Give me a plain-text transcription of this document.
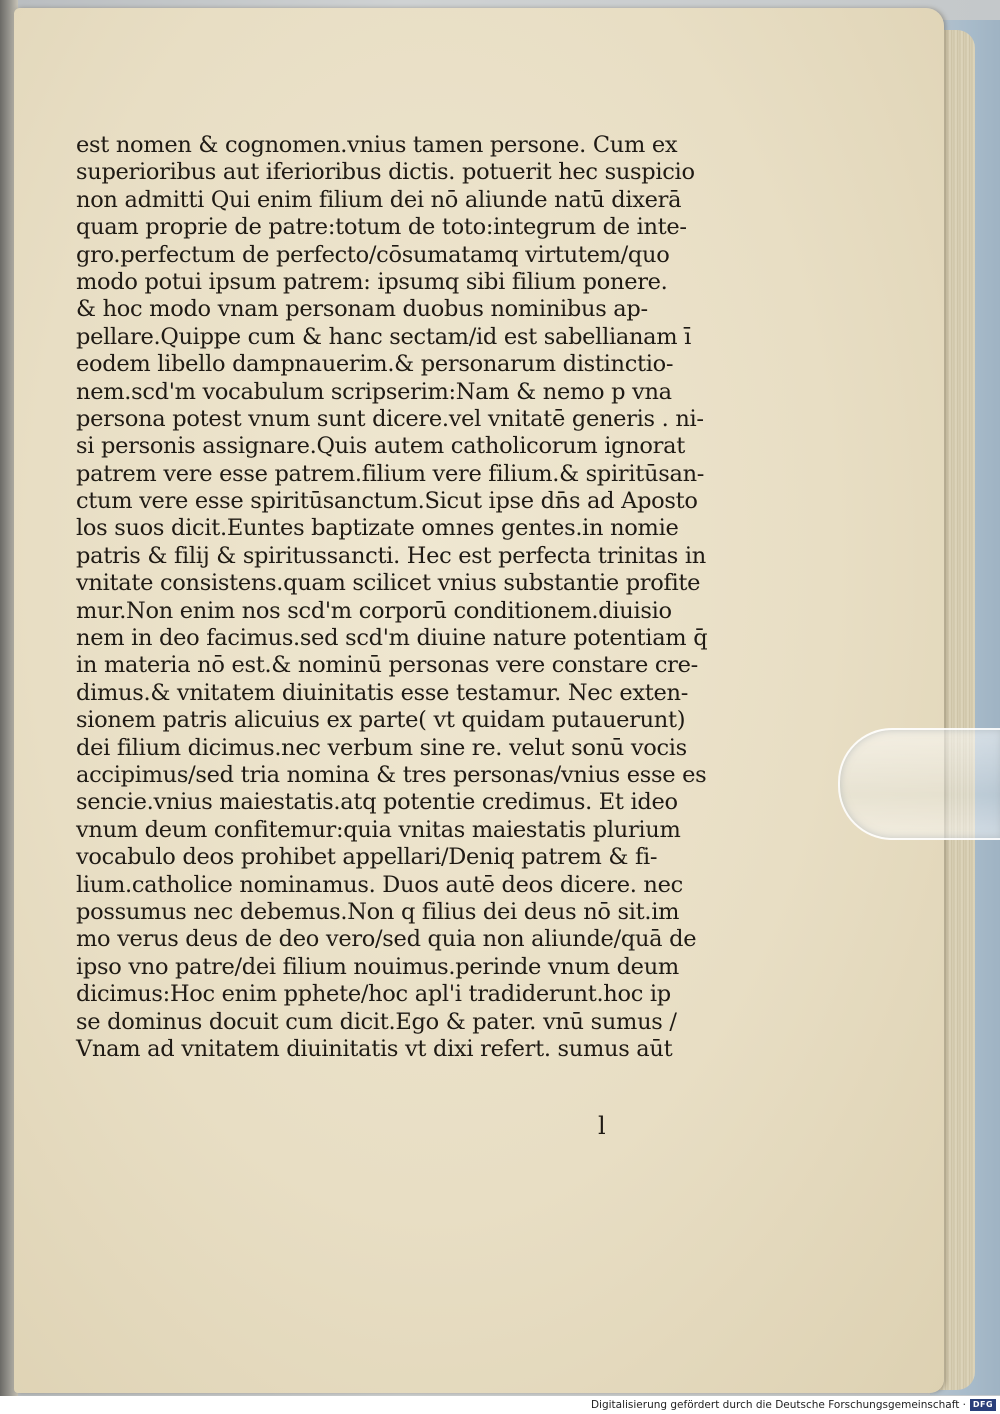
est nomen & cognomen.vnius tamen persone. Cum ex
superioribus aut iferioribus dictis. potuerit hec suspicio
non admitti Qui enim filium dei nō aliunde natū dixerā
quam proprie de patre:totum de toto:integrum de inte-
gro.perfectum de perfecto/cōsumatamq virtutem/quo
modo potui ipsum patrem: ipsumq sibi filium ponere.
& hoc modo vnam personam duobus nominibus ap-
pellare.Quippe cum & hanc sectam/id est sabellianam ī
eodem libello dampnauerim.& personarum distinctio-
nem.scd'm vocabulum scripserim:Nam & nemo p vna
persona potest vnum sunt dicere.vel vnitatē generis . ni-
si personis assignare.Quis autem catholicorum ignorat
patrem vere esse patrem.filium vere filium.& spiritūsan-
ctum vere esse spiritūsanctum.Sicut ipse dn̄s ad Aposto
los suos dicit.Euntes baptizate omnes gentes.in nomie
patris & filij & spiritussancti. Hec est perfecta trinitas in
vnitate consistens.quam scilicet vnius substantie profite
mur.Non enim nos scd'm corporū conditionem.diuisio
nem in deo facimus.sed scd'm diuine nature potentiam q̄
in materia nō est.& nominū personas vere constare cre-
dimus.& vnitatem diuinitatis esse testamur. Nec exten-
sionem patris alicuius ex parte( vt quidam putauerunt)
dei filium dicimus.nec verbum sine re. velut sonū vocis
accipimus/sed tria nomina & tres personas/vnius esse es
sencie.vnius maiestatis.atq potentie credimus. Et ideo
vnum deum confitemur:quia vnitas maiestatis plurium
vocabulo deos prohibet appellari/Deniq patrem & fi-
lium.catholice nominamus. Duos autē deos dicere. nec
possumus nec debemus.Non q filius dei deus nō sit.im
mo verus deus de deo vero/sed quia non aliunde/quā de
ipso vno patre/dei filium nouimus.perinde vnum deum
dicimus:Hoc enim pphete/hoc apl'i tradiderunt.hoc ip
se dominus docuit cum dicit.Ego & pater. vnū sumus /
Vnam ad vnitatem diuinitatis vt dixi refert. sumus aūt
l
Digitalisierung gefördert durch die Deutsche Forschungsgemeinschaft · DFG
